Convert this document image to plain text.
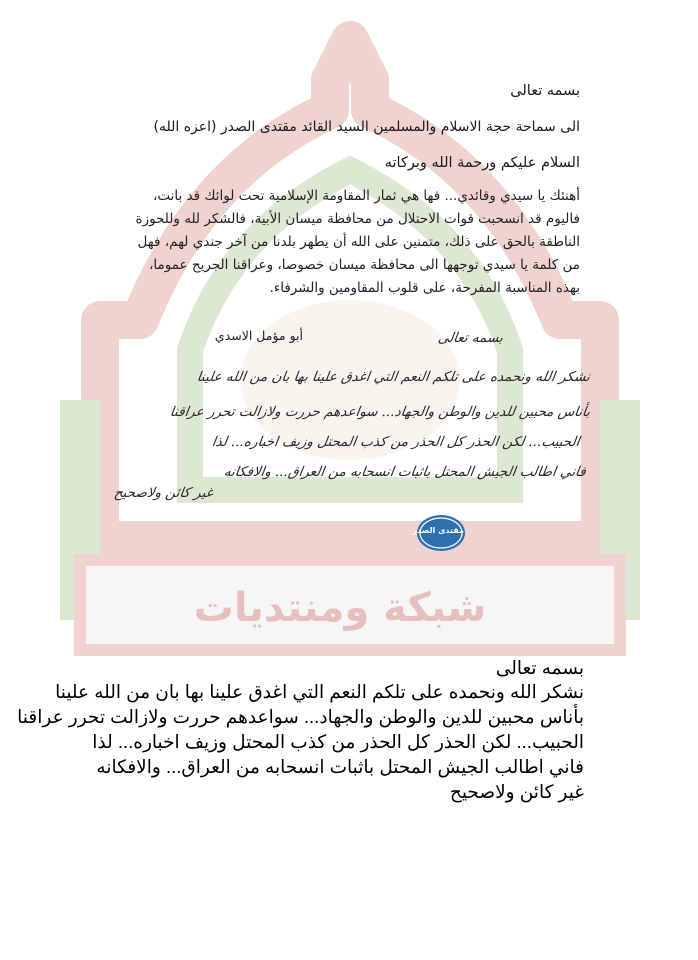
شبكة ومنتديات
بسمه تعالى
الى سماحة حجة الاسلام والمسلمين السيد القائد مقتدى الصدر (اعزه الله)
السلام عليكم ورحمة الله وبركاته
أهنئك يا سيدي وقائدي... فها هي ثمار المقاومة الإسلامية تحت لوائك قد بانت،
فاليوم قد انسحبت قوات الاحتلال من محافظة ميسان الأبية، فالشكر لله وللحوزة
الناطقة بالحق على ذلك، متمنين على الله أن يطهر بلدنا من آخر جندي لهم، فهل
من كلمة يا سيدي توجهها الى محافظة ميسان خصوصا، وعراقنا الجريح عموما،
بهذه المناسبة المفرحة، على قلوب المقاومين والشرفاء.
أبو مؤمل الاسدي	بسمه تعالى
نشكر الله ونحمده على تلكم النعم التي اغدق علينا بها بان من الله علينا
بأناس محبين للدين والوطن والجهاد... سواعدهم حررت ولازالت تحرر عراقنا
الحبيب... لكن الحذر كل الحذر من كذب المحتل وزيف اخباره... لذا
فاني اطالب الجيش المحتل باثبات انسحابه من العراق... والافكانه
غير كائن ولاصحيح
مقتدى الصدر
بسمه تعالى
نشكر الله ونحمده على تلكم النعم التي اغدق علينا بها بان من الله علينا
بأناس محبين للدين والوطن والجهاد... سواعدهم حررت ولازالت تحرر عراقنا
الحبيب... لكن الحذر كل الحذر من كذب المحتل وزيف اخباره... لذا
فاني اطالب الجيش المحتل باثبات انسحابه من العراق... والافكانه
غير كائن ولاصحيح
